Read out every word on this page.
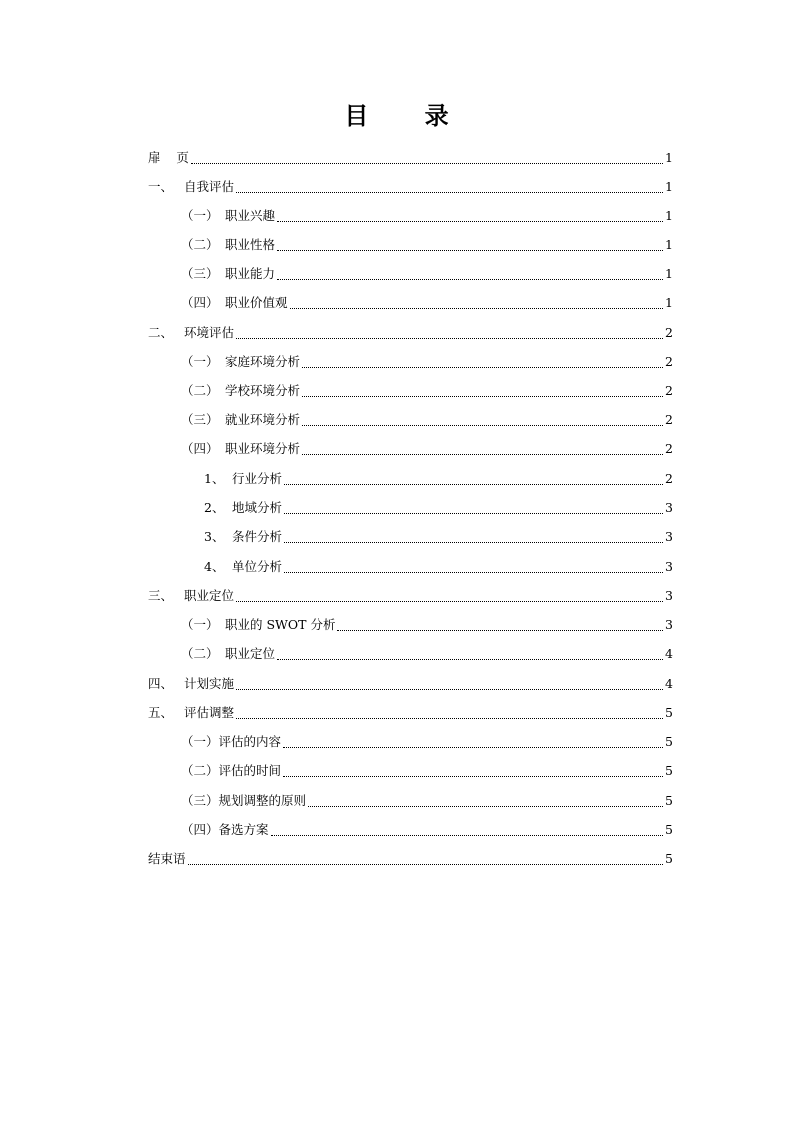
目 录
扉    页	1
一、 自我评估	1
（一） 职业兴趣	1
（二） 职业性格	1
（三） 职业能力	1
（四） 职业价值观	1
二、 环境评估	2
（一） 家庭环境分析	2
（二） 学校环境分析	2
（三） 就业环境分析	2
（四） 职业环境分析	2
1、 行业分析	2
2、 地域分析	3
3、 条件分析	3
4、 单位分析	3
三、 职业定位	3
（一） 职业的 SWOT 分析	3
（二） 职业定位	4
四、 计划实施	4
五、 评估调整	5
（一） 评估的内容	5
（二） 评估的时间	5
（三） 规划调整的原则	5
（四） 备选方案	5
结束语	5
